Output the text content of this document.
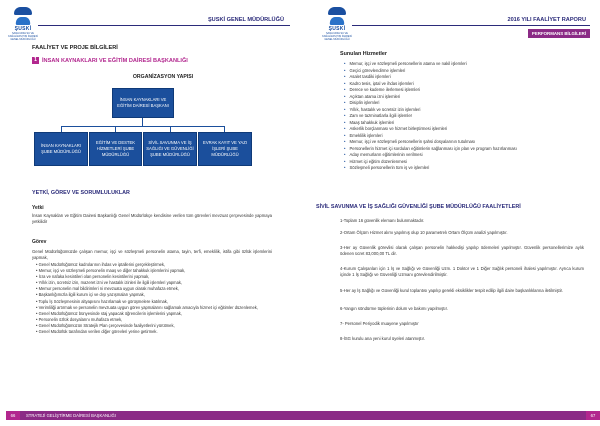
ŞUSKİ
ŞANLIURFA SU VE KANALİZASYON İDARESİ GENEL MÜDÜRLÜĞÜ
ŞUSKİ GENEL MÜDÜRLÜĞÜ
FAALİYET VE PROJE BİLGİLERİ
1 İNSAN KAYNAKLARI VE EĞİTİM DAİRESİ BAŞKANLIĞI
ORGANİZASYON YAPISI
İNSAN KAYNAKLARI VE EĞİTİM DAİRESİ BAŞKANI
İNSAN KAYNAKLARI ŞUBE MÜDÜRLÜĞÜ
EĞİTİM VE DESTEK HİZMETLERİ ŞUBE MÜDÜRLÜĞÜ
SİVİL SAVUNMA VE İŞ SAĞLIĞI VE GÜVENLİĞİ ŞUBE MÜDÜRLÜĞÜ
EVRAK KAYIT VE YAZI İŞLERİ ŞUBE MÜDÜRLÜĞÜ
YETKİ, GÖREV VE SORUMLULUKLAR
Yetki
İnsan Kaynakları ve Eğitim Dairesi Başkanlığı Genel Müdürlükçe kendisine verilen tüm görevleri mevzuat çerçevesinde yapmaya yetkilidir
Görev
Genel Müdürlüğümüzde çalışan memur, işçi ve sözleşmeli personelin atama, tayin, terfi, emeklilik, istifa gibi özlük işlemlerini yapmak,
• Genel Müdürlüğümüz kadrolarının ihdas ve iptallerini gerçekleştirmek,
• Memur, işçi ve sözleşmeli personelin maaş ve diğer tahakkuk işlemlerini yapmak,
• İcra ve nafaka kesintileri olan personelin kesintilerini yapmak,
• Yıllık izin, ücretsiz izin, mazeret izni ve hastalık izinleri ile ilgili işlemleri yapmak,
• Memur personelin mal bildirimleri ni mevzuata uygun olarak muhafaza etmek,
• Başkanlığımızla ilgili kurum içi ve dışı yazışmaları yapmak,
• Toplu İş Sözleşmesinin altyapısını hazırlamak ve görüşmelere katılmak,
• Verimliliği artırmak ve personelin mevzuata uygun görev yapmalarını sağlamak amacıyla hizmet içi eğitimler düzenlemek,
• Genel Müdürlüğümüz bünyesinde staj yapacak öğrencilerin işlemlerini yapmak,
• Personelin özlük dosyalarını muhafaza etmek,
• Genel Müdürlüğümüzün Stratejik Plan çerçevesinde faaliyetlerini yürütmek,
• Genel Müdürlük tarafından verilen diğer görevleri yerine getirmek.
66	STRATEJİ GELİŞTİRME DAİRESİ BAŞKANLIĞI
ŞUSKİ
ŞANLIURFA SU VE KANALİZASYON İDARESİ GENEL MÜDÜRLÜĞÜ
2016 YILI FAALİYET RAPORU
PERFORMANS BİLGİLERİ
Sunulan Hizmetler
• Memur, işçi ve sözleşmeli personellerin atama ve nakil işlemleri
• Geçici görevlendirme işlemleri
• Asalet tasdiki işlemleri
• Kadro tesis, iptal ve ihdas işlemleri
• Derece ve kademe ilerlemesi işlemleri
• Açıktan atama izni işlemleri
• Disiplin işlemleri
• Yıllık, hastalık ve ücretsiz izin işlemleri
• Zam ve tazminatlarla ilgili işlemler
• Maaş tahakkuk işlemleri
• Askerlik borçlanması ve hizmet birleştirmesi işlemleri
• Emeklilik işlemleri
• Memur, işçi ve sözleşmeli personellerin şahsi dosyalarının tutulması
• Personellerin hizmet içi sorduları eğitimlerin sağlanması için plan ve program hazırlanması
• Aday memurların eğitimlerinin verilmesi
• Hizmet içi eğitim düzenlenmesi
• Sözleşmeli personellerin tüm iş ve işlemleri
SİVİL SAVUNMA VE İŞ SAĞLIĞI GÜVENLİĞİ ŞUBE MÜDÜRLÜĞÜ FAALİYETLERİ
1-Toplam 16 güvenlik elemanı bulunmaktadır.
2-Ortam Ölçüm Hizmet alımı yapılmış olup 10 parametrelı Ortam Ölçüm analizi yapılmıştır.
3-Her ay Güvenlik görevlisi olarak çalışan personelin hakkedişi yapılıp ödemeleri yapılmıştır. Güvenlik personellerimize aylık ödenen ücret 83,000,00 TL dir.
4-Kurum Çalışanları için 1 İş ve Sağlığı ve Güvenliği Uzm. 1 Doktor ve 1 Diğer Sağlık personeli ihalesi yapılmıştır. Ayrıca kurum içinde 1 İş Sağlığı ve Güvenliği Uzmanı görevlendirilmiştir.
5-Her ay İş Sağlığı ve Güvenliği kurul toplantısı yapılıp gerekli eksiklikler tespit edilip ilgili daire başkanlıklarına iletilmiştir.
6-Yangın söndürme tüplerinin dolum ve bakımı yapılmıştır.
7- Personel Periyodik muayene yapılmıştır
8-İSG kurulu ana yeni kurul üyeleri atanmıştır.
67
